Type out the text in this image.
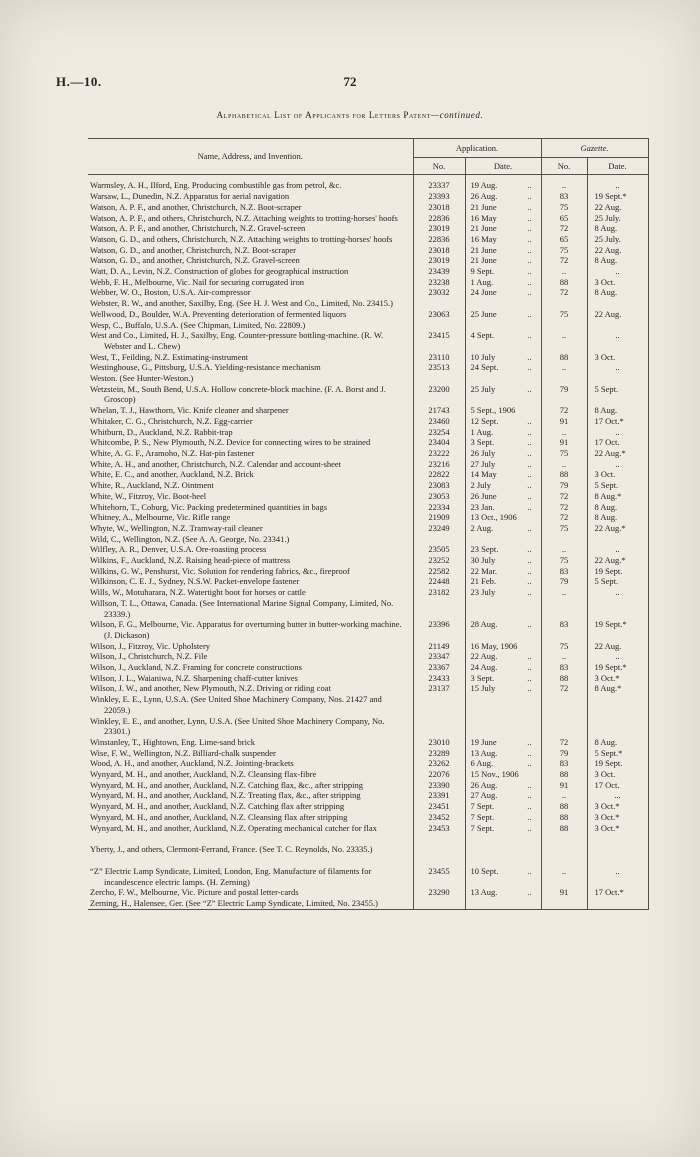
H.—10.	72
Alphabetical List of Applicants for Letters Patent—continued.
Name, Address, and Invention.	Application.		Gazette.	
	No.	Date.	No.	Date.
Warmsley, A. H., Ilford, Eng. Producing combustible gas from petrol, &c.	23337	19 Aug. ..	..	..
Warsaw, L., Dunedin, N.Z. Apparatus for aerial navigation	23393	26 Aug. ..	83	19 Sept.*
Watson, A. P. F., and another, Christchurch, N.Z. Boot-scraper	23018	21 June ..	75	22 Aug.
Watson, A. P. F., and others, Christchurch, N.Z. Attaching weights to trotting-horses' hoofs	22836	16 May ..	65	25 July.
Watson, A. P. F., and another, Christchurch, N.Z. Gravel-screen	23019	21 June ..	72	8 Aug.
Watson, G. D., and others, Christchurch, N.Z. Attaching weights to trotting-horses' hoofs	22836	16 May ..	65	25 July.
Watson, G. D., and another, Christchurch, N.Z. Boot-scraper	23018	21 June ..	75	22 Aug.
Watson, G. D., and another, Christchurch, N.Z. Gravel-screen	23019	21 June ..	72	8 Aug.
Watt, D. A., Levin, N.Z. Construction of globes for geographical instruction	23439	9 Sept. ..	..	..
Webb, F. H., Melbourne, Vic. Nail for securing corrugated iron	23238	1 Aug. ..	88	3 Oct.
Webber, W. O., Boston, U.S.A. Air-compressor	23032	24 June ..	72	8 Aug.
Webster, R. W., and another, Saxilby, Eng. (See H. J. West and Co., Limited, No. 23415.)				
Wellwood, D., Boulder, W.A. Preventing deterioration of fermented liquors	23063	25 June ..	75	22 Aug.
Wesp, C., Buffalo, U.S.A. (See Chipman, Limited, No. 22809.)				
West and Co., Limited, H. J., Saxilby, Eng. Counter-pressure bottling-machine. (R. W. Webster and L. Chew)	23415	4 Sept. ..	..	..
West, T., Feilding, N.Z. Estimating-instrument	23110	10 July ..	88	3 Oct.
Westinghouse, G., Pittsburg, U.S.A. Yielding-resistance mechanism	23513	24 Sept. ..	..	..
Weston. (See Hunter-Weston.)				
Wetzstein, M., South Bend, U.S.A. Hollow concrete-block machine. (F. A. Borst and J. Groscop)	23200	25 July ..	79	5 Sept.
Whelan, T. J., Hawthorn, Vic. Knife cleaner and sharpener	21743	5 Sept., 1906	72	8 Aug.
Whitaker, C. G., Christchurch, N.Z. Egg-carrier	23460	12 Sept. ..	91	17 Oct.*
Whitburn, D., Auckland, N.Z. Rabbit-trap	23254	1 Aug. ..	..	..
Whitcombe, P. S., New Plymouth, N.Z. Device for connecting wires to be strained	23404	3 Sept. ..	91	17 Oct.
White, A. G. F., Aramoho, N.Z. Hat-pin fastener	23222	26 July ..	75	22 Aug.*
White, A. H., and another, Christchurch, N.Z. Calendar and account-sheet	23216	27 July ..	..	..
White, E. C., and another, Auckland, N.Z. Brick	22822	14 May ..	88	3 Oct.
White, R., Auckland, N.Z. Ointment	23083	2 July ..	79	5 Sept.
White, W., Fitzroy, Vic. Boot-heel	23053	26 June ..	72	8 Aug.*
Whitehorn, T., Coburg, Vic. Packing predetermined quantities in bags	22334	23 Jan. ..	72	8 Aug.
Whitney, A., Melbourne, Vic. Rifle range	21909	13 Oct., 1906	72	8 Aug.
Whyte, W., Wellington, N.Z. Tramway-rail cleaner	23249	2 Aug. ..	75	22 Aug.*
Wild, C., Wellington, N.Z. (See A. A. George, No. 23341.)				
Wilfley, A. R., Denver, U.S.A. Ore-roasting process	23505	23 Sept. ..	..	..
Wilkins, F., Auckland, N.Z. Raising head-piece of mattress	23252	30 July ..	75	22 Aug.*
Wilkins, G. W., Penshurst, Vic. Solution for rendering fabrics, &c., fireproof	22582	22 Mar. ..	83	19 Sept.
Wilkinson, C. E. J., Sydney, N.S.W. Packet-envelope fastener	22448	21 Feb. ..	79	5 Sept.
Wills, W., Motuharara, N.Z. Watertight boot for horses or cattle	23182	23 July ..	..	..
Willson, T. L., Ottawa, Canada. (See International Marine Signal Company, Limited, No. 23339.)				
Wilson, F. G., Melbourne, Vic. Apparatus for overturning butter in butter-working machine. (J. Dickason)	23396	28 Aug. ..	83	19 Sept.*
Wilson, J., Fitzroy, Vic. Upholstery	21149	16 May, 1906	75	22 Aug.
Wilson, J., Christchurch, N.Z. File	23347	22 Aug. ..	..	..
Wilson, J., Auckland, N.Z. Framing for concrete constructions	23367	24 Aug. ..	83	19 Sept.*
Wilson, J. L., Waianiwa, N.Z. Sharpening chaff-cutter knives	23433	3 Sept. ..	88	3 Oct.*
Wilson, J. W., and another, New Plymouth, N.Z. Driving or riding coat	23137	15 July ..	72	8 Aug.*
Winkley, E. E., Lynn, U.S.A. (See United Shoe Machinery Company, Nos. 21427 and 22059.)				
Winkley, E. E., and another, Lynn, U.S.A. (See United Shoe Machinery Company, No. 23301.)				
Winstanley, T., Hightown, Eng. Lime-sand brick	23010	19 June ..	72	8 Aug.
Wise, F. W., Wellington, N.Z. Billiard-chalk suspender	23289	13 Aug. ..	79	5 Sept.*
Wood, A. H., and another, Auckland, N.Z. Jointing-brackets	23262	6 Aug. ..	83	19 Sept.
Wynyard, M. H., and another, Auckland, N.Z. Cleansing flax-fibre	22076	15 Nov., 1906	88	3 Oct.
Wynyard, M. H., and another, Auckland, N.Z. Catching flax, &c., after stripping	23390	26 Aug. ..	91	17 Oct.
Wynyard, M. H., and another, Auckland, N.Z. Treating flax, &c., after stripping	23391	27 Aug. ..	..	...
Wynyard, M. H., and another, Auckland, N.Z. Catching flax after stripping	23451	7 Sept. ..	88	3 Oct.*
Wynyard, M. H., and another, Auckland, N.Z. Cleansing flax after stripping	23452	7 Sept. ..	88	3 Oct.*
Wynyard, M. H., and another, Auckland, N.Z. Operating mechanical catcher for flax	23453	7 Sept. ..	88	3 Oct.*
Yberty, J., and others, Clermont-Ferrand, France. (See T. C. Reynolds, No. 23335.)				
“Z” Electric Lamp Syndicate, Limited, London, Eng. Manufacture of filaments for incandescence electric lamps. (H. Zerning)	23455	10 Sept. ..	..	..
Zercho, F. W., Melbourne, Vic. Picture and postal letter-cards	23290	13 Aug. ..	91	17 Oct.*
Zerning, H., Halensee, Ger. (See “Z” Electric Lamp Syndicate, Limited, No. 23455.)				
